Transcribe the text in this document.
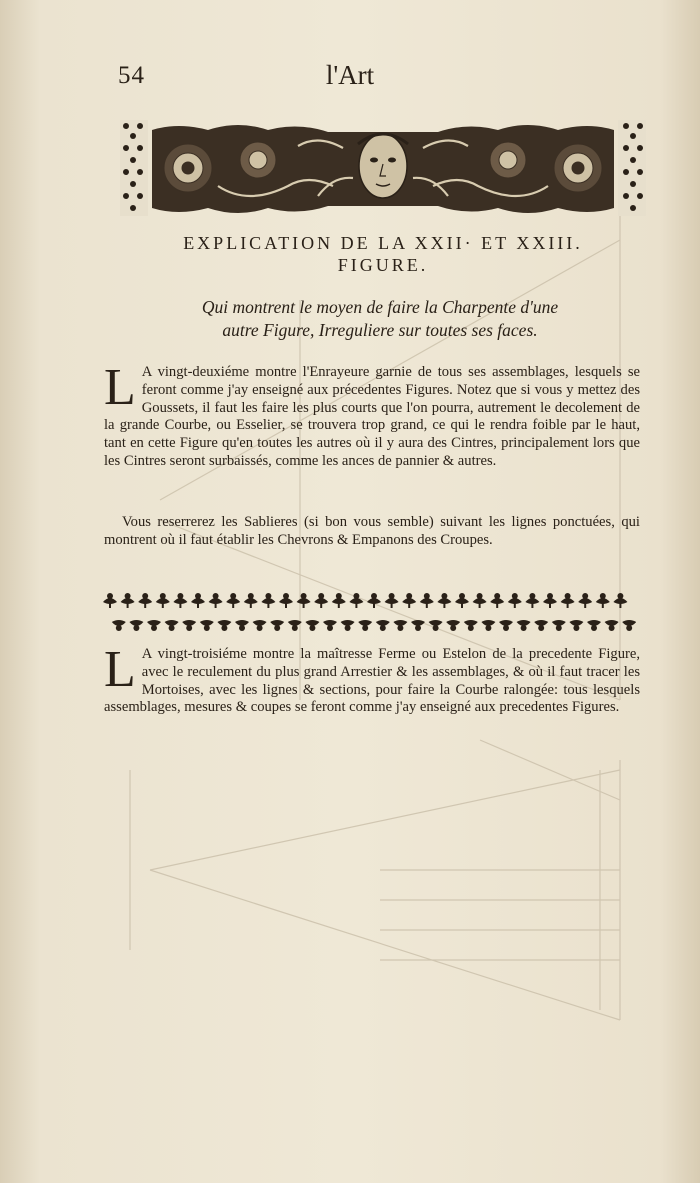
54	l'Art
EXPLICATION DE LA XXII· ET XXIII.
FIGURE.
Qui montrent le moyen de faire la Charpente d'une
autre Figure, Irreguliere sur toutes ses faces.
L A vingt-deuxiéme montre l'Enrayeure garnie de tous ses assemblages, lesquels se feront comme j'ay enseigné aux précedentes Figures. Notez que si vous y mettez des Goussets, il faut les faire les plus courts que l'on pourra, autrement le decolement de la grande Courbe, ou Esselier, se trouvera trop grand, ce qui le rendra foible par le haut, tant en cette Figure qu'en toutes les autres où il y aura des Cintres, principalement lors que les Cintres seront surbaissés, comme les ances de pannier & autres.
Vous reserrerez les Sablieres (si bon vous semble) suivant les lignes ponctuées, qui montrent où il faut établir les Chevrons & Empanons des Croupes.
L A vingt-troisiéme montre la maîtresse Ferme ou Estelon de la precedente Figure, avec le reculement du plus grand Arrestier & les assemblages, & où il faut tracer les Mortoises, avec les lignes & sections, pour faire la Courbe ralongée: tous lesquels assemblages, mesures & coupes se feront comme j'ay enseigné aux precedentes Figures.
